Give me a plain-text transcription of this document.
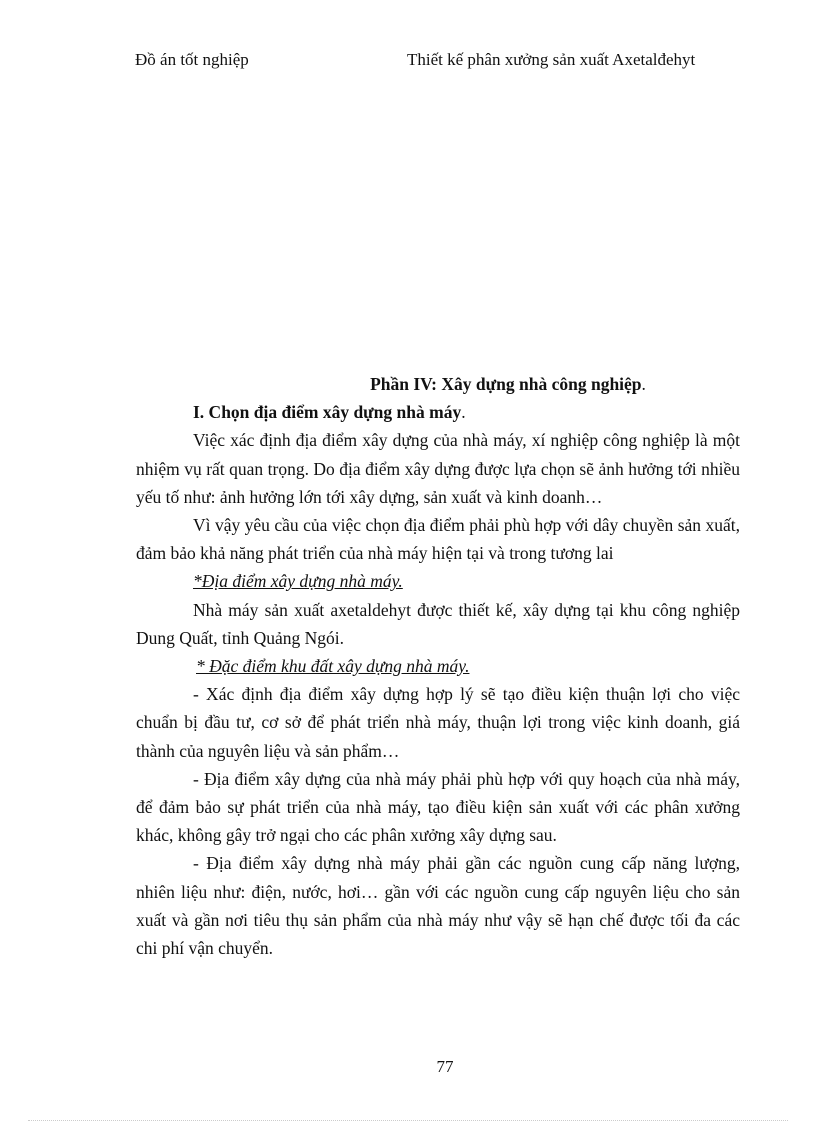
Đồ án tốt nghiệp	Thiết kế phân xưởng sản xuất Axetalđehyt

Phần IV: Xây dựng nhà công nghiệp.

I. Chọn địa điểm xây dựng nhà máy.

Việc xác định địa điểm xây dựng của nhà máy, xí nghiệp công nghiệp là một nhiệm vụ rất quan trọng. Do địa điểm xây dựng được lựa chọn sẽ ảnh hưởng tới nhiều yếu tố như: ảnh hưởng lớn tới xây dựng, sản xuất và kinh doanh…

Vì vậy yêu cầu của việc chọn địa điểm phải phù hợp với dây chuyền sản xuất, đảm bảo khả năng phát triển của nhà máy hiện tại và trong tương lai

*Địa điểm xây dựng nhà máy.

Nhà máy sản xuất axetaldehyt được thiết kế, xây dựng tại khu công nghiệp Dung Quất, tỉnh Quảng Ngói.

* Đặc điểm khu đất xây dựng nhà máy.

- Xác định địa điểm xây dựng hợp lý sẽ tạo điều kiện thuận lợi cho việc chuẩn bị đầu tư, cơ sở để phát triển nhà máy, thuận lợi trong việc kinh doanh, giá thành của nguyên liệu và sản phẩm…

- Địa điểm xây dựng của nhà máy phải phù hợp với quy hoạch của nhà máy, để đảm bảo sự phát triển của nhà máy, tạo điều kiện sản xuất với các phân xưởng khác, không gây trở ngại cho các phân xưởng xây dựng sau.

- Địa điểm xây dựng nhà máy phải gần các nguồn cung cấp năng lượng, nhiên liệu như: điện, nước, hơi… gần với các nguồn cung cấp nguyên liệu cho sản xuất và gần nơi tiêu thụ sản phẩm của nhà máy như vậy sẽ hạn chế được tối đa các chi phí vận chuyển.

77
